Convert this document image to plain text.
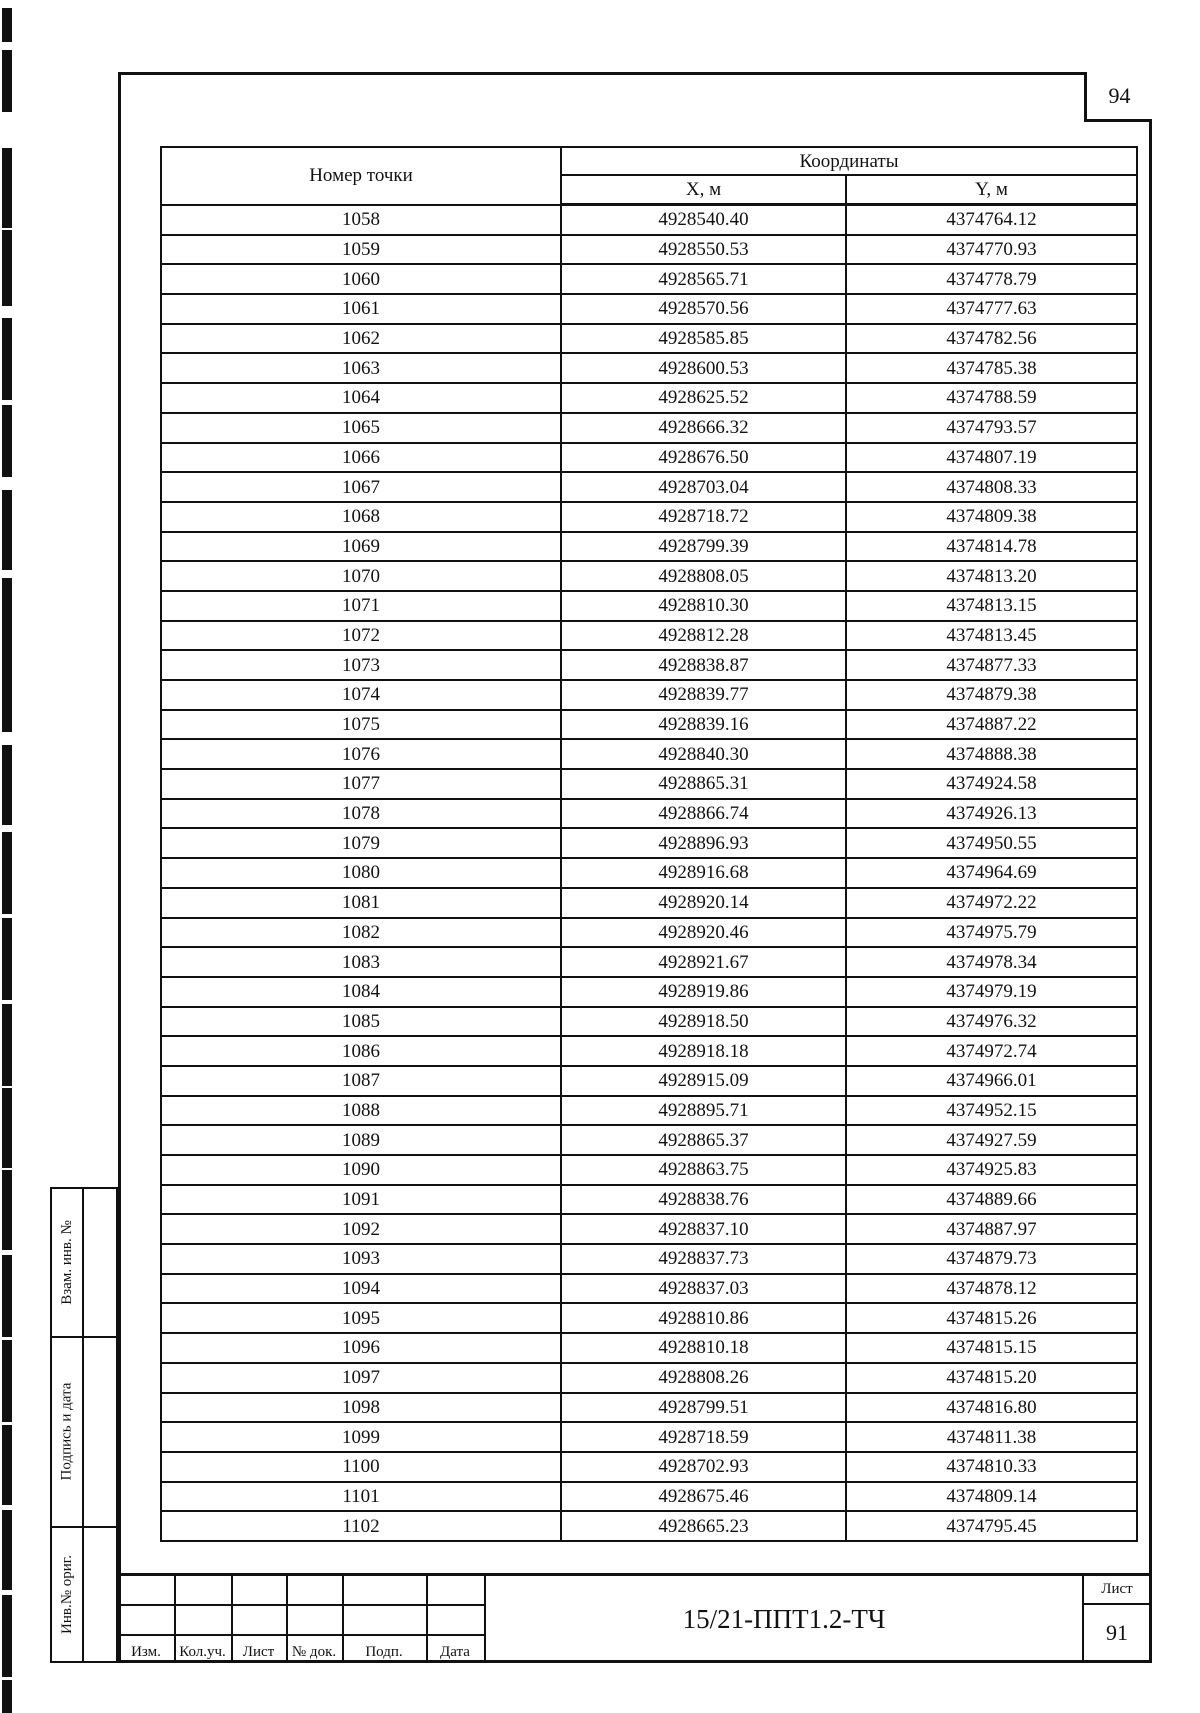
94
Номер точки	Координаты	
	X, м	Y, м
1058	4928540.40	4374764.12
1059	4928550.53	4374770.93
1060	4928565.71	4374778.79
1061	4928570.56	4374777.63
1062	4928585.85	4374782.56
1063	4928600.53	4374785.38
1064	4928625.52	4374788.59
1065	4928666.32	4374793.57
1066	4928676.50	4374807.19
1067	4928703.04	4374808.33
1068	4928718.72	4374809.38
1069	4928799.39	4374814.78
1070	4928808.05	4374813.20
1071	4928810.30	4374813.15
1072	4928812.28	4374813.45
1073	4928838.87	4374877.33
1074	4928839.77	4374879.38
1075	4928839.16	4374887.22
1076	4928840.30	4374888.38
1077	4928865.31	4374924.58
1078	4928866.74	4374926.13
1079	4928896.93	4374950.55
1080	4928916.68	4374964.69
1081	4928920.14	4374972.22
1082	4928920.46	4374975.79
1083	4928921.67	4374978.34
1084	4928919.86	4374979.19
1085	4928918.50	4374976.32
1086	4928918.18	4374972.74
1087	4928915.09	4374966.01
1088	4928895.71	4374952.15
1089	4928865.37	4374927.59
1090	4928863.75	4374925.83
1091	4928838.76	4374889.66
1092	4928837.10	4374887.97
1093	4928837.73	4374879.73
1094	4928837.03	4374878.12
1095	4928810.86	4374815.26
1096	4928810.18	4374815.15
1097	4928808.26	4374815.20
1098	4928799.51	4374816.80
1099	4928718.59	4374811.38
1100	4928702.93	4374810.33
1101	4928675.46	4374809.14
1102	4928665.23	4374795.45
Взам. инв. №
Подпись и дата
Инв.№ ориг.
Изм.	Кол.уч.	Лист	№ док.	Подп.	Дата
15/21-ППТ1.2-ТЧ
Лист
91
